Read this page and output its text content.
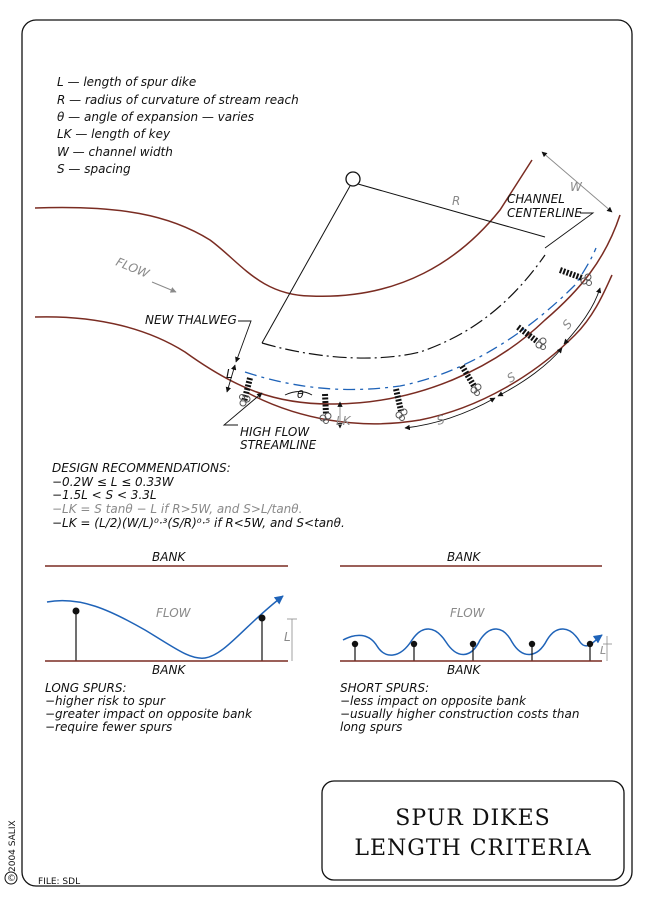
L — length of spur dike
R — radius of curvature of stream reach
θ — angle of expansion — varies
LK — length of key
W — channel width
S — spacing
R
W
FLOW
CHANNEL
CENTERLINE
NEW THALWEG
L
θ
LK
HIGH FLOW
STREAMLINE
S
S
S
DESIGN RECOMMENDATIONS:
−0.2W ≤ L ≤ 0.33W
−1.5L < S < 3.3L
−LK = S tanθ − L if R>5W, and S>L/tanθ.
−LK = (L/2)(W/L)⁰·³(S/R)⁰·⁵ if R<5W, and S<tanθ.
BANK
FLOW
BANK
L
LONG SPURS:
−higher risk to spur
−greater impact on opposite bank
−require fewer spurs
BANK
FLOW
BANK
L
SHORT SPURS:
−less impact on opposite bank
−usually higher construction costs than
long spurs
SPUR DIKES
LENGTH CRITERIA
FILE: SDL
2004 SALIX
©
